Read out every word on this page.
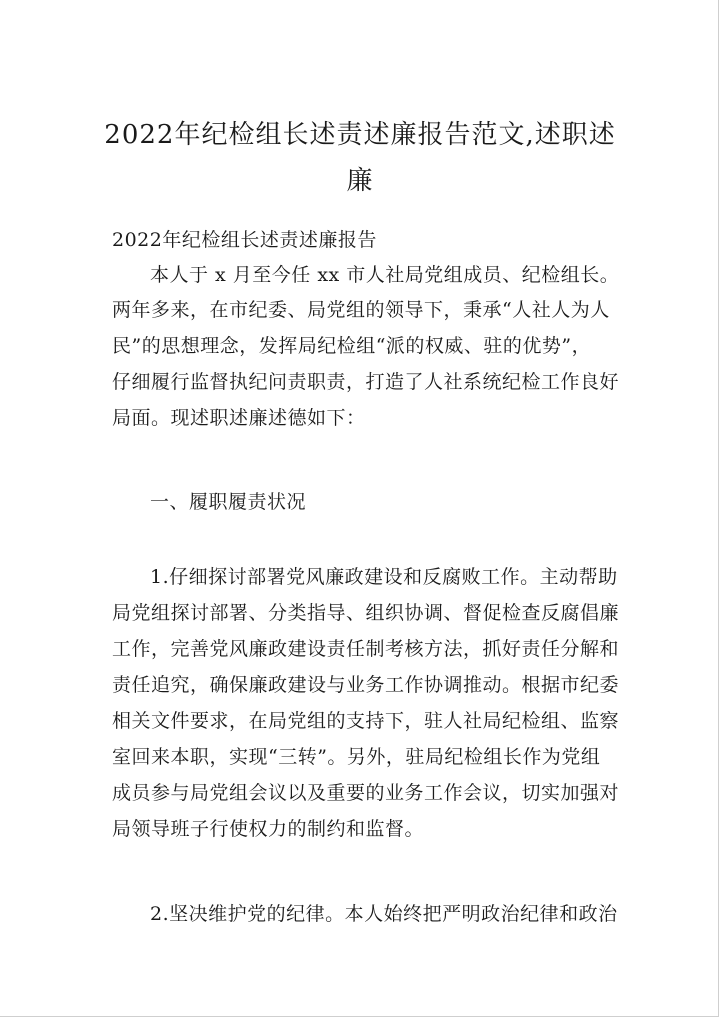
2022年纪检组长述责述廉报告范文,述职述
廉
2022年纪检组长述责述廉报告
本人于 x 月至今任 xx 市人社局党组成员、纪检组长。
两年多来，在市纪委、局党组的领导下，秉承“人社人为人
民”的思想理念，发挥局纪检组“派的权威、驻的优势”，
仔细履行监督执纪问责职责，打造了人社系统纪检工作良好
局面。现述职述廉述德如下：
一、履职履责状况
1.仔细探讨部署党风廉政建设和反腐败工作。主动帮助
局党组探讨部署、分类指导、组织协调、督促检查反腐倡廉
工作，完善党风廉政建设责任制考核方法，抓好责任分解和
责任追究，确保廉政建设与业务工作协调推动。根据市纪委
相关文件要求，在局党组的支持下，驻人社局纪检组、监察
室回来本职，实现“三转”。另外，驻局纪检组长作为党组
成员参与局党组会议以及重要的业务工作会议，切实加强对
局领导班子行使权力的制约和监督。
2.坚决维护党的纪律。本人始终把严明政治纪律和政治
